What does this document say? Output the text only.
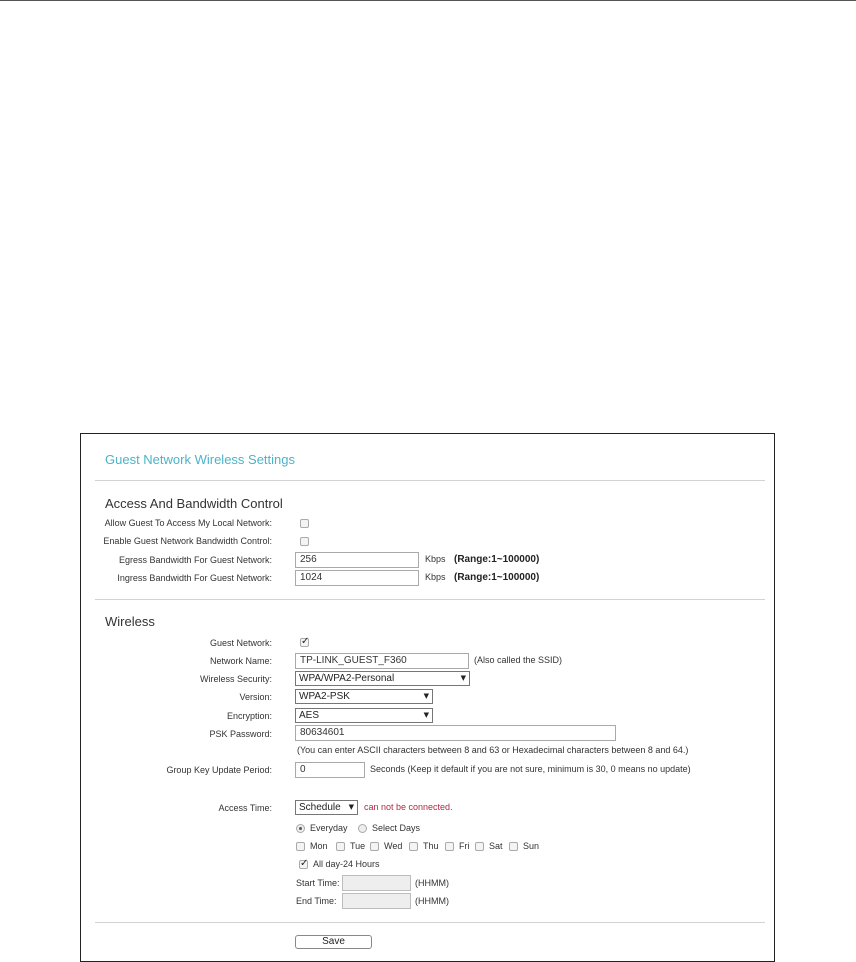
Guest Network Wireless Settings
Access And Bandwidth Control
Allow Guest To Access My Local Network:
Enable Guest Network Bandwidth Control:
Egress Bandwidth For Guest Network:	256	Kbps (Range:1~100000)
Ingress Bandwidth For Guest Network:	1024	Kbps (Range:1~100000)
Wireless
Guest Network:
✓
Network Name:	TP-LINK_GUEST_F360	(Also called the SSID)
Wireless Security:	WPA/WPA2-Personal	▼
Version:	WPA2-PSK	▼
Encryption:	AES	▼
PSK Password:	80634601
(You can enter ASCII characters between 8 and 63 or Hexadecimal characters between 8 and 64.)
Group Key Update Period:	0	Seconds (Keep it default if you are not sure, minimum is 30, 0 means no update)
Access Time:	Schedule ▼ can not be connected.
Everyday	Select Days
Mon Tue Wed Thu Fri Sat Sun
✓
All day-24 Hours
Start Time:	(HHMM)
End Time:	(HHMM)
Save
